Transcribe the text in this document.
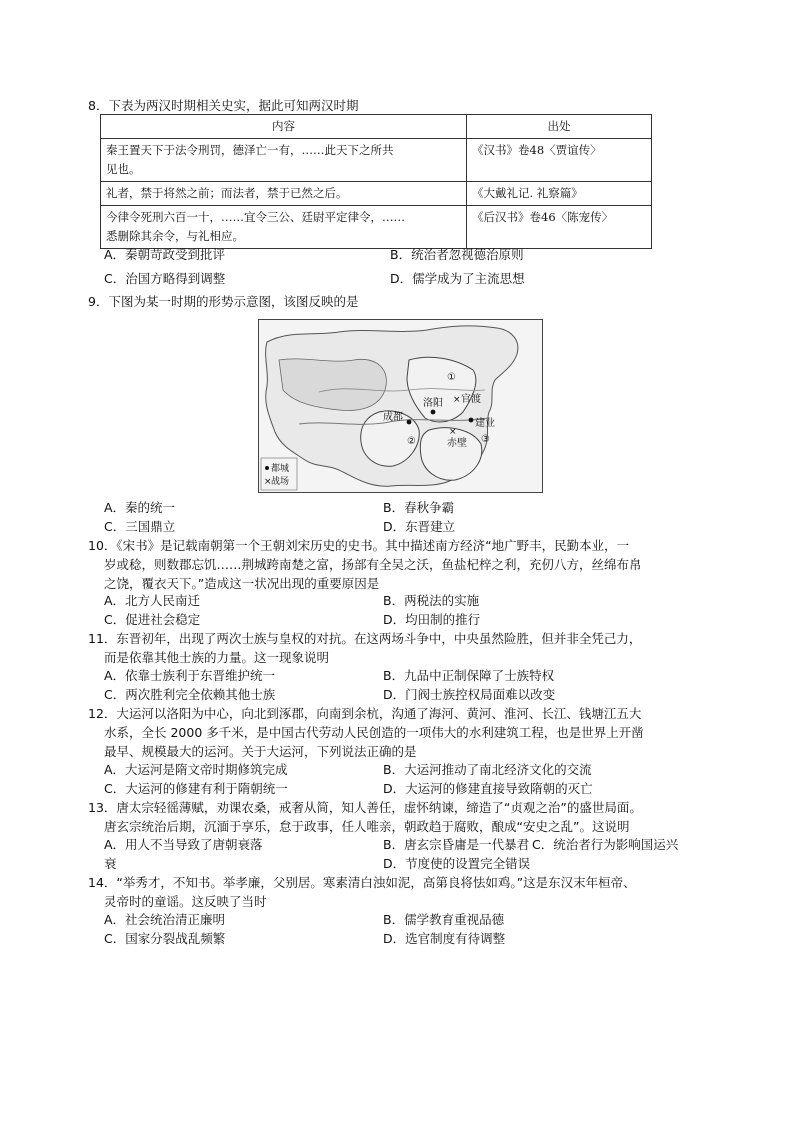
8．下表为两汉时期相关史实，据此可知两汉时期
内容	出处
秦王置天下于法令刑罚，德泽亡一有，……此天下之所共
见也。	《汉书》卷48〈贾谊传〉
礼者，禁于将然之前；而法者，禁于已然之后。	《大戴礼记. 礼察篇》
今律令死刑六百一十，……宜令三公、廷尉平定律令，……
悉删除其余令，与礼相应。	《后汉书》卷46〈陈宠传〉
A．秦朝苛政受到批评	B．统治者忽视德治原则
C．治国方略得到调整	D．儒学成为了主流思想
9．下图为某一时期的形势示意图，该图反映的是
①
②	③
洛阳
成都
建业
× 官渡
×
赤壁
都城
× 战场
A．秦的统一	B．春秋争霸
C．三国鼎立	D．东晋建立
10．《宋书》是记载南朝第一个王朝刘宋历史的史书。其中描述南方经济“地广野丰，民勤本业，一
岁或稔，则数郡忘饥……荆城跨南楚之富，扬部有全吴之沃，鱼盐杞梓之利，充仞八方，丝绵布帛
之饶，覆衣天下。”造成这一状况出现的重要原因是
A．北方人民南迁	B．两税法的实施
C．促进社会稳定	D．均田制的推行
11．东晋初年，出现了两次士族与皇权的对抗。在这两场斗争中，中央虽然险胜，但并非全凭己力，
而是依靠其他士族的力量。这一现象说明
A．依靠士族利于东晋维护统一	B．九品中正制保障了士族特权
C．两次胜利完全依赖其他士族	D．门阀士族控权局面难以改变
12．大运河以洛阳为中心，向北到涿郡，向南到余杭，沟通了海河、黄河、淮河、长江、钱塘江五大
水系，全长 2000 多千米，是中国古代劳动人民创造的一项伟大的水利建筑工程，也是世界上开凿
最早、规模最大的运河。关于大运河，下列说法正确的是
A．大运河是隋文帝时期修筑完成	B．大运河推动了南北经济文化的交流
C．大运河的修建有利于隋朝统一	D．大运河的修建直接导致隋朝的灭亡
13．唐太宗轻徭薄赋，劝课农桑，戒奢从简，知人善任，虚怀纳谏，缔造了“贞观之治”的盛世局面。
唐玄宗统治后期，沉湎于享乐，怠于政事，任人唯亲，朝政趋于腐败，酿成“安史之乱”。这说明
A．用人不当导致了唐朝衰落	B．唐玄宗昏庸是一代暴君 C．统治者行为影响国运兴
衰	D．节度使的设置完全错误
14．“举秀才，不知书。举孝廉，父别居。寒素清白浊如泥，高第良将怯如鸡。”这是东汉末年桓帝、
灵帝时的童谣。这反映了当时
A．社会统治清正廉明	B．儒学教育重视品德
C．国家分裂战乱频繁	D．选官制度有待调整
